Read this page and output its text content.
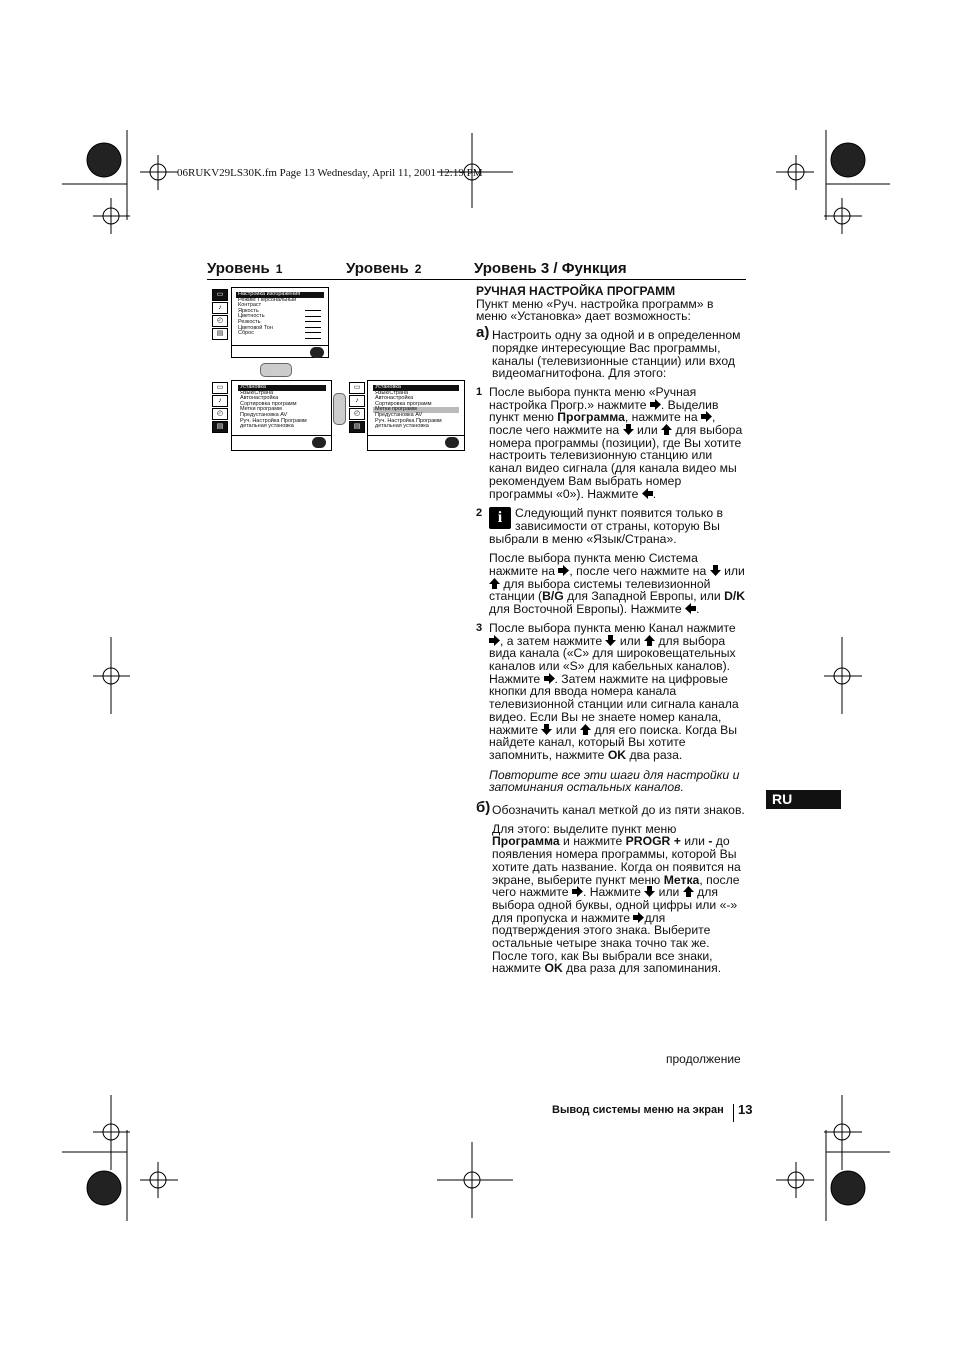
06RUKV29LS30K.fm Page 13 Wednesday, April 11, 2001 12:19 PM
Уровень 1	Уровень 2	Уровень 3 / Функция
▭
♪
◴
▤
Настройка изображения
Режим: Персональный
Контраст
Яркость
Цветность
Резкость
Цветовой Тон
Сброс
▭
♪
◴
▤
Установка
Язык/Страна
Автонастройка
Сортировка программ
Метки программ
Предустановка AV
Руч. Настройка Программ
детальная установка
▭
♪
◴
▤
Установка
Язык/Страна
Автонастройка
Сортировка программ
Метки программ
Предустановка AV
Руч. Настройка Программ
детальная установка
РУЧНАЯ НАСТРОЙКА ПРОГРАММ

Пункт меню «Руч. настройка программ» в меню «Установка» дает возможность:

а) Настроить одну за одной и в определенном порядке интересующие Вас программы, каналы (телевизионные станции) или вход видеомагнитофона. Для этого:
1 После выбора пункта меню «Ручная настройка Прогр.» нажмите
. Выделив пункт меню Программа, нажмите на
, после чего нажмите на
или
для выбора номера программы (позиции), где Вы хотите настроить телевизионную станцию или канал видео сигнала (для канала видео мы рекомендуем Вам выбрать номер программы «0»). Нажмите
.
2 i	Следующий пункт появится только в зависимости от страны, которую Вы выбрали в меню «Язык/Страна».

После выбора пункта меню Система нажмите на
, после чего нажмите на
или
для выбора системы телевизионной станции (B/G для Западной Европы, или D/K для Восточной Европы). Нажмите
.

3 После выбора пункта меню Канал нажмите
, а затем нажмите
или
для выбора вида канала («C» для широковещательных каналов или «S» для кабельных каналов). Нажмите
. Затем нажмите на цифровые кнопки для ввода номера канала телевизионной станции или сигнала канала видео. Если Вы не знаете номер канала, нажмите
или
для его поиска. Когда Вы найдете канал, который Вы хотите запомнить, нажмите OK два раза.

Повторите все эти шаги для настройки и запоминания остальных каналов.

б) Обозначить канал меткой до из пяти знаков.

Для этого: выделите пункт меню Программа и нажмите PROGR + или - до появления номера программы, которой Вы хотите дать название. Когда он появится на экране, выберите пункт меню Метка, после чего нажмите
. Нажмите
или
для выбора одной буквы, одной цифры или «-» для пропуска и нажмите
для подтверждения этого знака. Выберите остальные четыре знака точно так же. После того, как Вы выбрали все знаки, нажмите OK два раза для запоминания.

RU
продолжение
Вывод системы меню на экран 13
